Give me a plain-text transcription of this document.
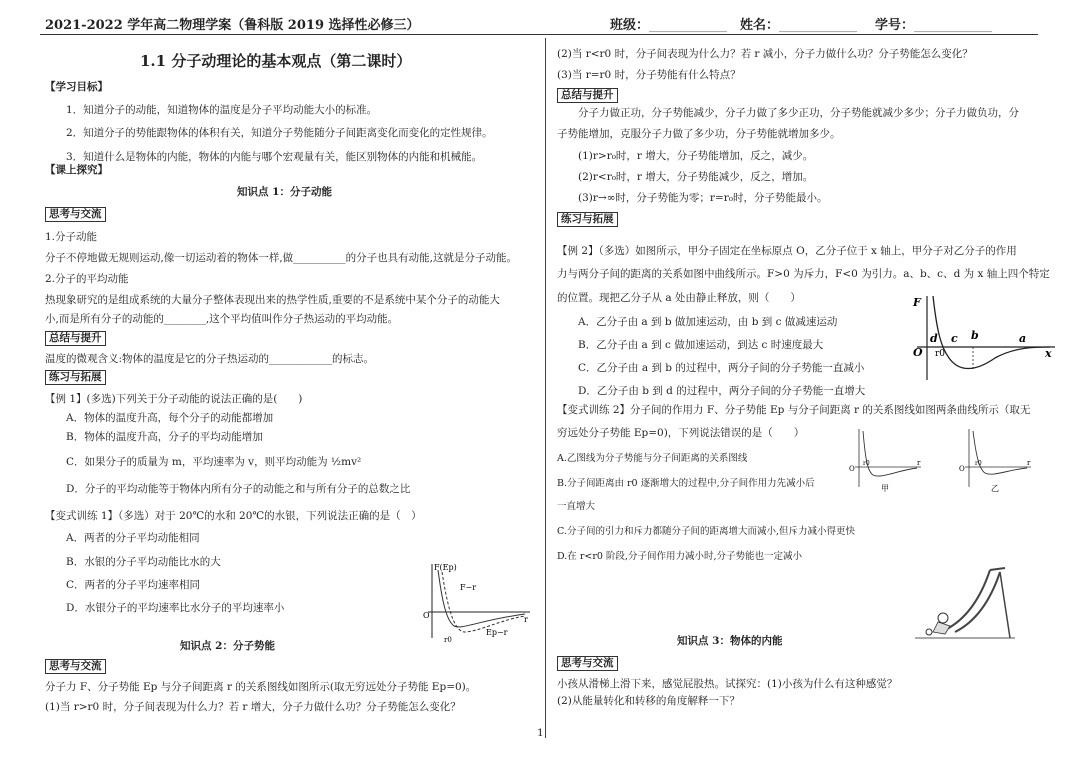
2021-2022 学年高二物理学案（鲁科版 2019 选择性必修三）	班级：____________ 姓名：____________ 学号：____________
1.1 分子动理论的基本观点（第二课时）
【学习目标】
1．知道分子的动能，知道物体的温度是分子平均动能大小的标准。
2．知道分子的势能跟物体的体积有关，知道分子势能随分子间距离变化而变化的定性规律。
3．知道什么是物体的内能，物体的内能与哪个宏观量有关，能区别物体的内能和机械能。
【课上探究】
知识点 1：分子动能
思考与交流
1.分子动能
分子不停地做无规则运动,像一切运动着的物体一样,做__________的分子也具有动能,这就是分子动能。
2.分子的平均动能
热现象研究的是组成系统的大量分子整体表现出来的热学性质,重要的不是系统中某个分子的动能大
小,而是所有分子的动能的________,这个平均值叫作分子热运动的平均动能。
总结与提升
温度的微观含义:物体的温度是它的分子热运动的____________的标志。
练习与拓展
【例 1】(多选)下列关于分子动能的说法正确的是(　　)
A．物体的温度升高，每个分子的动能都增加
B．物体的温度升高，分子的平均动能增加
C．如果分子的质量为 m，平均速率为 v，则平均动能为 ½mv²
D．分子的平均动能等于物体内所有分子的动能之和与所有分子的总数之比
【变式训练 1】（多选）对于 20℃的水和 20℃的水银，下列说法正确的是（　）
A．两者的分子平均动能相同
B．水银的分子平均动能比水的大
C．两者的分子平均速率相同
D．水银分子的平均速率比水分子的平均速率小
F(Ep)
F−r
Ep−r
O
r0
r
知识点 2：分子势能
思考与交流
分子力 F、分子势能 Ep 与分子间距离 r 的关系图线如图所示(取无穷远处分子势能 Ep=0)。
(1)当 r>r0 时，分子间表现为什么力？若 r 增大，分子力做什么功？分子势能怎么变化？
(2)当 r<r0 时，分子间表现为什么力？若 r 减小，分子力做什么功？分子势能怎么变化？
(3)当 r=r0 时，分子势能有什么特点？
总结与提升
分子力做正功，分子势能减少，分子力做了多少正功，分子势能就减少多少；分子力做负功，分
子势能增加，克服分子力做了多少功，分子势能就增加多少。
(1)r>r₀时，r 增大，分子势能增加，反之，减少。
(2)r<r₀时，r 增大，分子势能减少，反之，增加。
(3)r→∞时，分子势能为零；r=r₀时，分子势能最小。
练习与拓展
【例 2】（多选）如图所示，甲分子固定在坐标原点 O，乙分子位于 x 轴上，甲分子对乙分子的作用
力与两分子间的距离的关系如图中曲线所示。F>0 为斥力，F<0 为引力。a、b、c、d 为 x 轴上四个特定
的位置。现把乙分子从 a 处由静止释放，则（　　）
A．乙分子由 a 到 b 做加速运动，由 b 到 c 做减速运动
B．乙分子由 a 到 c 做加速运动，到达 c 时速度最大
C．乙分子由 a 到 b 的过程中，两分子间的分子势能一直减小
D．乙分子由 b 到 d 的过程中，两分子间的分子势能一直增大
F
O
d c b	a
r0	x
【变式训练 2】分子间的作用力 F、分子势能 Ep 与分子间距离 r 的关系图线如图两条曲线所示（取无
穷远处分子势能 Ep=0)，下列说法错误的是（　　）
A.乙图线为分子势能与分子间距离的关系图线
B.分子间距离由 r0 逐渐增大的过程中,分子间作用力先减小后
一直增大
C.分子间的引力和斥力都随分子间的距离增大而减小,但斥力减小得更快
D.在 r<r0 阶段,分子间作用力减小时,分子势能也一定减小
O
r0	r
甲
O
r0	r
乙
知识点 3：物体的内能
思考与交流
小孩从滑梯上滑下来，感觉屁股热。试探究：(1)小孩为什么有这种感觉？
(2)从能量转化和转移的角度解释一下？
1
